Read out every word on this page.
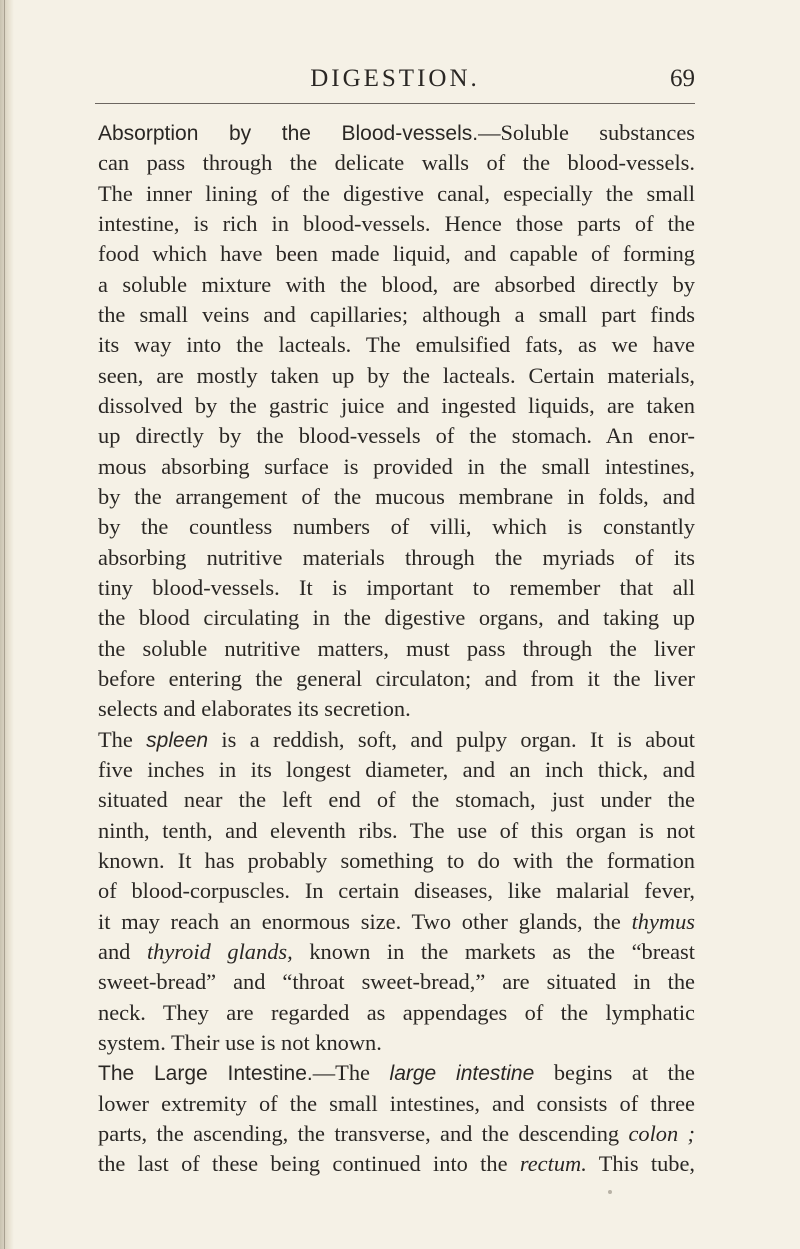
DIGESTION.	69
Absorption by the Blood-vessels.—Soluble substances
can pass through the delicate walls of the blood-vessels.
The inner lining of the digestive canal, especially the small
intestine, is rich in blood-vessels. Hence those parts of the
food which have been made liquid, and capable of forming
a soluble mixture with the blood, are absorbed directly by
the small veins and capillaries; although a small part finds
its way into the lacteals. The emulsified fats, as we have
seen, are mostly taken up by the lacteals. Certain materials,
dissolved by the gastric juice and ingested liquids, are taken
up directly by the blood-vessels of the stomach. An enor-
mous absorbing surface is provided in the small intestines,
by the arrangement of the mucous membrane in folds, and
by the countless numbers of villi, which is constantly
absorbing nutritive materials through the myriads of its
tiny blood-vessels. It is important to remember that all
the blood circulating in the digestive organs, and taking up
the soluble nutritive matters, must pass through the liver
before entering the general circulaton; and from it the liver
selects and elaborates its secretion.
The spleen is a reddish, soft, and pulpy organ. It is about
five inches in its longest diameter, and an inch thick, and
situated near the left end of the stomach, just under the
ninth, tenth, and eleventh ribs. The use of this organ is not
known. It has probably something to do with the formation
of blood-corpuscles. In certain diseases, like malarial fever,
it may reach an enormous size. Two other glands, the thymus
and thyroid glands, known in the markets as the “breast
sweet-bread” and “throat sweet-bread,” are situated in the
neck. They are regarded as appendages of the lymphatic
system. Their use is not known.
The Large Intestine.—The large intestine begins at the
lower extremity of the small intestines, and consists of three
parts, the ascending, the transverse, and the descending colon ;
the last of these being continued into the rectum. This tube,
